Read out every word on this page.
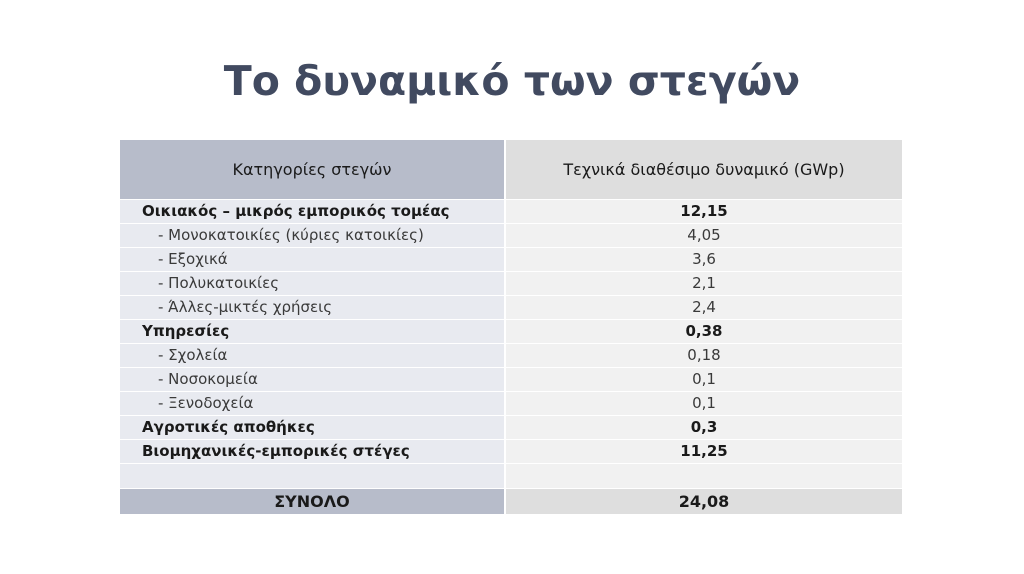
Το δυναμικό των στεγών
Κατηγορίες στεγών	Τεχνικά διαθέσιμο δυναμικό (GWp)
Οικιακός – μικρός εμπορικός τομέας	12,15
- Μονοκατοικίες (κύριες κατοικίες)	4,05
- Εξοχικά	3,6
- Πολυκατοικίες	2,1
- Άλλες-μικτές χρήσεις	2,4
Υπηρεσίες	0,38
- Σχολεία	0,18
- Νοσοκομεία	0,1
- Ξενοδοχεία	0,1
Αγροτικές αποθήκες	0,3
Βιομηχανικές-εμπορικές στέγες	11,25
ΣΥΝΟΛΟ	24,08
